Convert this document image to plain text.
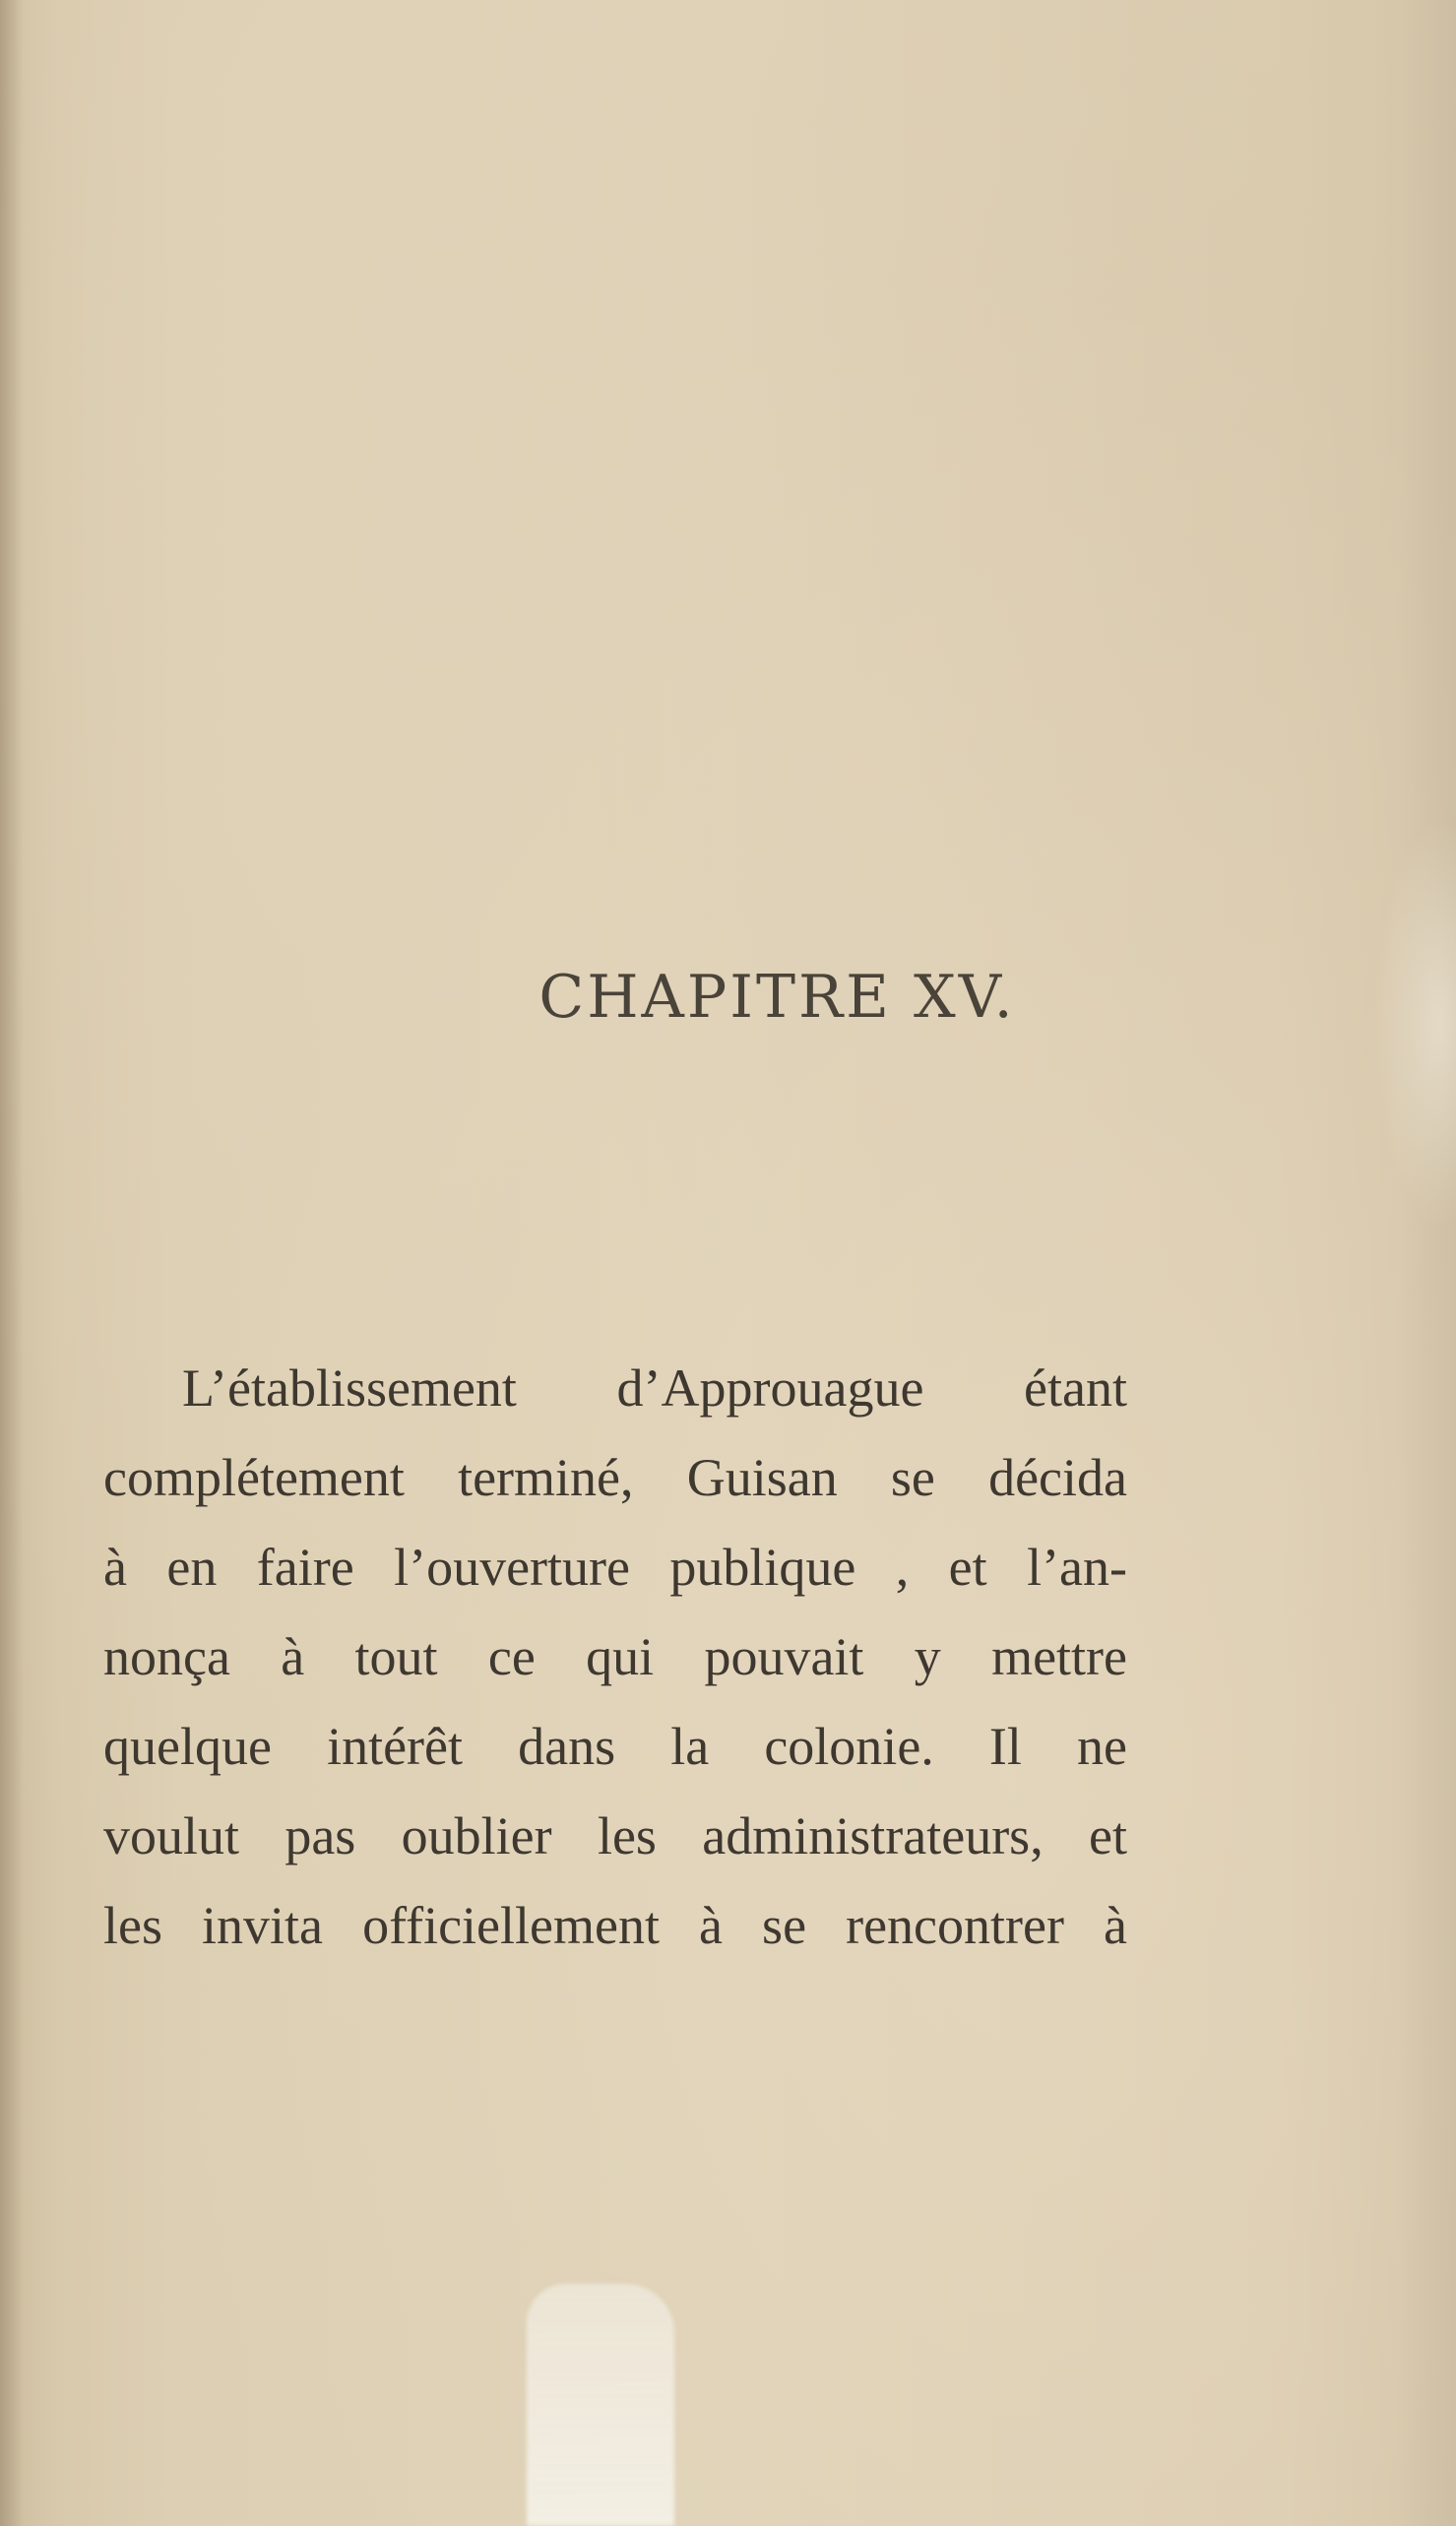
CHAPITRE XV.
L’établissement d’Approuague étant
complétement terminé, Guisan se décida
à en faire l’ouverture publique , et l’an-
nonça à tout ce qui pouvait y mettre
quelque intérêt dans la colonie. Il ne
voulut pas oublier les administrateurs, et
les invita officiellement à se rencontrer à
